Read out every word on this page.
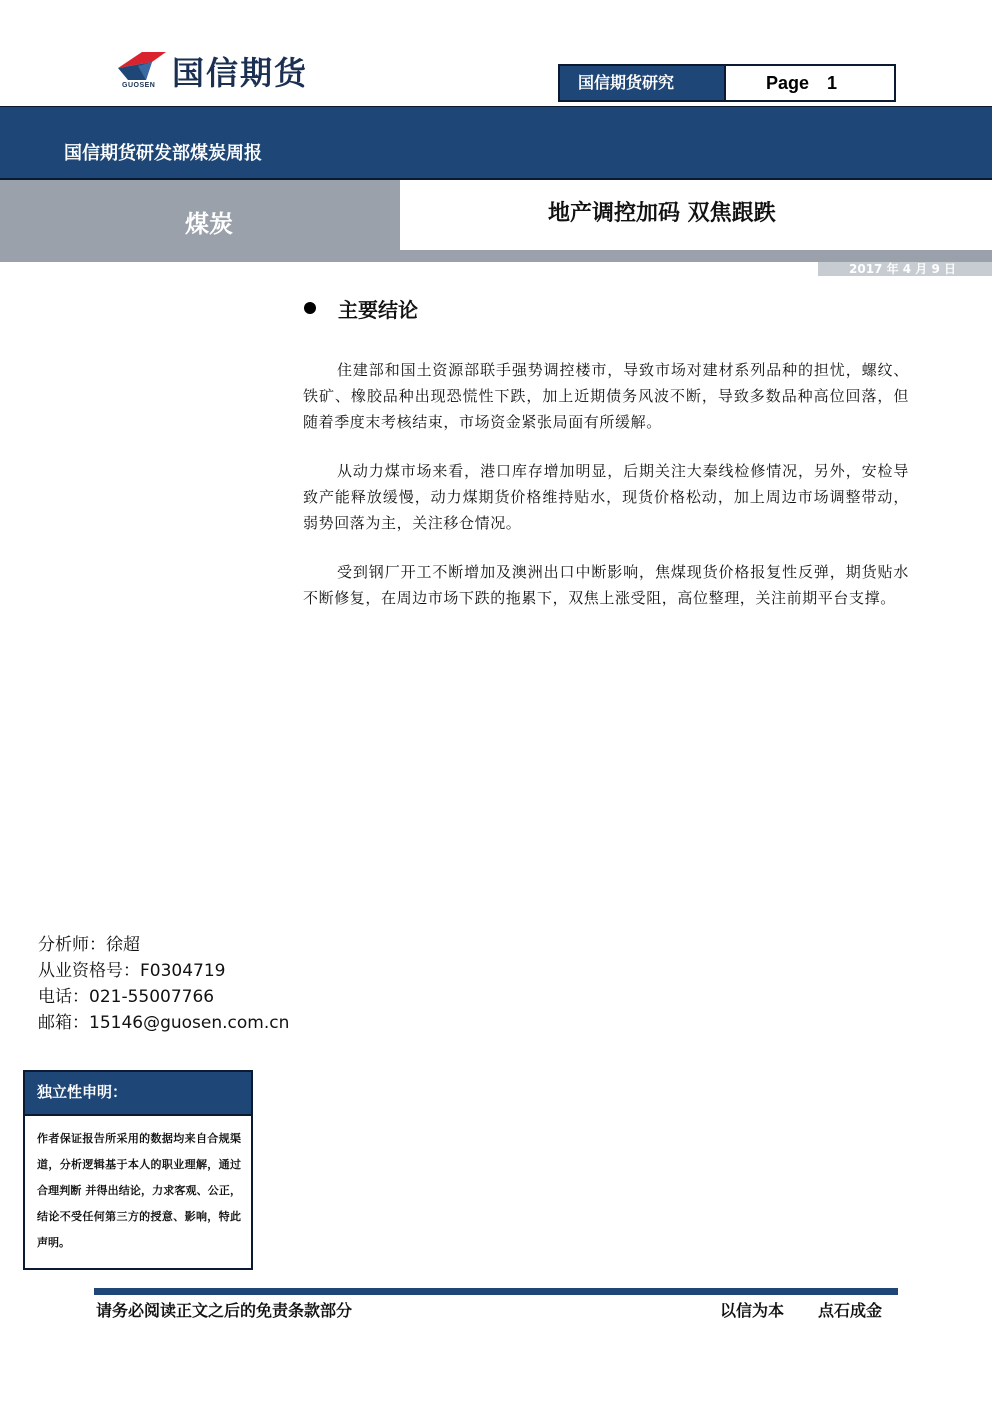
国信期货
GUOSEN	国信期货研究	Page 1
国信期货研发部煤炭周报
煤炭	地产调控加码 双焦跟跌
2017 年 4 月 9 日
主要结论
住建部和国土资源部联手强势调控楼市，导致市场对建材系列品种的担忧，螺纹、铁矿、橡胶品种出现恐慌性下跌，加上近期债务风波不断，导致多数品种高位回落，但随着季度末考核结束，市场资金紧张局面有所缓解。
从动力煤市场来看，港口库存增加明显，后期关注大秦线检修情况，另外，安检导致产能释放缓慢，动力煤期货价格维持贴水，现货价格松动，加上周边市场调整带动，弱势回落为主，关注移仓情况。
受到钢厂开工不断增加及澳洲出口中断影响，焦煤现货价格报复性反弹，期货贴水不断修复，在周边市场下跌的拖累下，双焦上涨受阻，高位整理，关注前期平台支撑。
分析师：徐超
从业资格号：F0304719
电话：021-55007766
邮箱：15146@guosen.com.cn
独立性申明：
作者保证报告所采用的数据均来自合规渠道，分析逻辑基于本人的职业理解，通过合理判断 并得出结论，力求客观、公正，结论不受任何第三方的授意、影响，特此声明。
请务必阅读正文之后的免责条款部分	以信为本 点石成金
